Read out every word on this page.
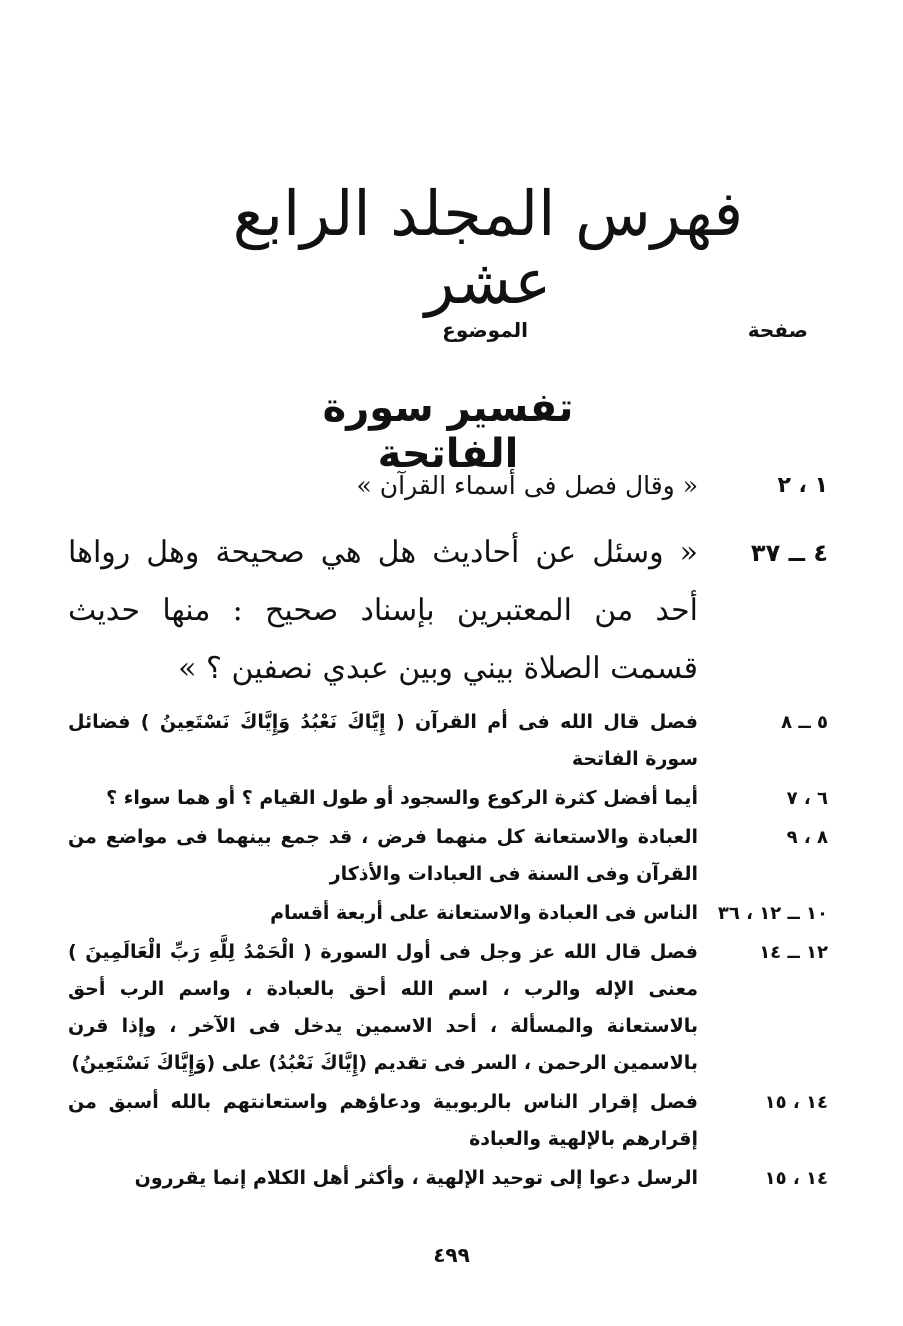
فهرس المجلد الرابع عشر
صفحة
الموضوع
تفسير سورة الفاتحة
١ ، ٢
« وقال فصل فى أسماء القرآن »
٤ ــ ٣٧
« وسئل عن أحاديث هل هي صحيحة وهل رواها أحد من المعتبرين بإسناد صحيح : منها حديث قسمت الصلاة بيني وبين عبدي نصفين ؟ »
٥ ــ ٨
فصل قال الله فى أم القرآن ( إِيَّاكَ نَعْبُدُ وَإِيَّاكَ نَسْتَعِينُ ) فضائل سورة الفاتحة
٦ ، ٧
أيما أفضل كثرة الركوع والسجود أو طول القيام ؟ أو هما سواء ؟
٨ ، ٩
العبادة والاستعانة كل منهما فرض ، قد جمع بينهما فى مواضع من القرآن وفى السنة فى العبادات والأذكار
١٠ ــ ١٢ ، ٣٦
الناس فى العبادة والاستعانة على أربعة أقسام
١٢ ــ ١٤
فصل قال الله عز وجل فى أول السورة ( الْحَمْدُ لِلَّهِ رَبِّ الْعَالَمِينَ ) معنى الإله والرب ، اسم الله أحق بالعبادة ، واسم الرب أحق بالاستعانة والمسألة ، أحد الاسمين يدخل فى الآخر ، وإذا قرن بالاسمين الرحمن ، السر فى تقديم (إِيَّاكَ نَعْبُدُ) على (وَإِيَّاكَ نَسْتَعِينُ)
١٤ ، ١٥
فصل إقرار الناس بالربوبية ودعاؤهم واستعانتهم بالله أسبق من إقرارهم بالإلهية والعبادة
١٤ ، ١٥
الرسل دعوا إلى توحيد الإلهية ، وأكثر أهل الكلام إنما يقررون
٤٩٩
